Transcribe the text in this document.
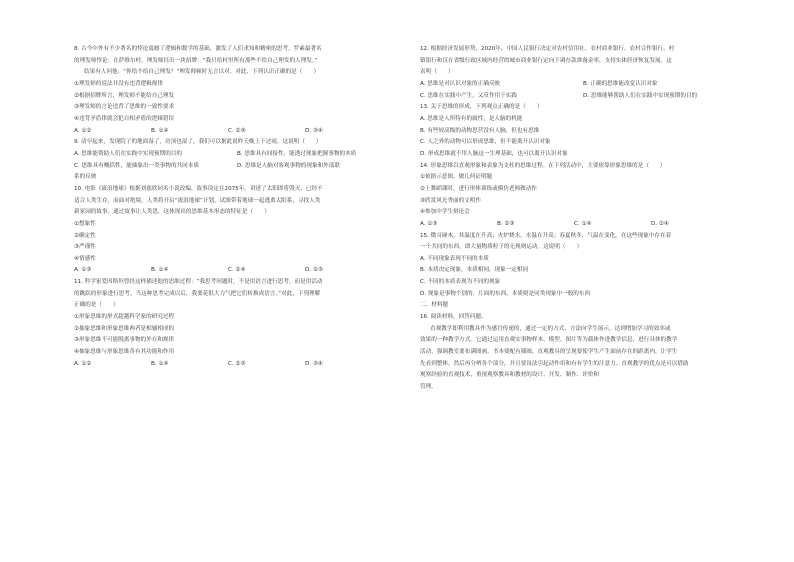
8. 古今中外有不少著名的悖论震撼了逻辑和数学的基础，激发了人们求知和精密的思考，罗素最著名
的理发师悖论：在萨维尔村，理发师挂出一块招牌：“我只给村里所有那些不给自己理发的人理发。”
结果有人问他：“你给不给自己理发？”理发师顿时无言以对。对此，下列认识正确的是（　　）
①理发师的说法并没有违背逻辑规律
②根据招牌所言，理发师不能给自己理发
③理发师的言论违背了思维的一致性要求
④违背矛盾律就会犯自相矛盾的逻辑错误
A. ①②	B. ①④	C. ②③	D. ③④
9. 清早起来，发现院子的地面湿了，房顶也湿了，我们可以据此说昨天晚上下过雨。这说明（　　）
A. 思维能帮助人们在实践中实现预期的目的	B. 思维具有间接性，能透过现象把握事物的本质
C. 思维具有概括性，能抽象出一类事物的共同本质	D. 思维是人脑对客观事物的现象和外部联
系的反映
10. 电影《流浪地球》根据刘慈欣同名小说改编，故事设定在2075年，讲述了太阳即将毁灭，已经不
适合人类生存，而面对绝境，人类将开启“流浪地球”计划，试图带着地球一起逃离太阳系，寻找人类
新家园的故事。通过故事让人类思，这体现出的思维基本形态的特征是（　　）
①想象性
②确定性
③严谨性
④情感性
A. ①③	B. ①④	C. ②④	D. ②③
11. 科学家爱因斯坦曾经这样描述他的思维过程：“我思考问题时，不是用语言进行思考，而是用活动
的跳跃的形象进行思考，当这种思考完成以后，我要花很大力气把它们转换成语言。”对此，下列理解
正确的是（　　）
①形象思维的形式超越科学家的研究过程
②抽象思维和形象思维两者是相辅相成的
③形象思维不可能脱离事物的外在和规律
④抽象思维与形象思维各有其功能和作用
A. ①②	B. ①④	C. ②③	D. ③④
12. 根据经济发展形势，2020年，中国人民银行决定对农村信用社、农村商业银行、农村合作银行、村
镇银行和仅在省级行政区域内经营的城市商业银行定向下调存款准备金率，支持实体经济恢复发展。这
表明（　　）
A. 思维是对认识对象的正确反映	B. 正确的思维能改变认识对象
C. 思维在实践中产生，又反作用于实践	D. 思维能够帮助人们在实践中实现预期的目的
13. 关于思维的形成，下列观点正确的是（　　）
A. 思维是人所特有的属性，是人脑的机能
B. 有些较高级的动物思营没有人脑，但也有思维
C. 人之外的动物可以形成思维，但不能离开认识对象
D. 形成思维就不用人脑这一生理基础，也可以离开认识对象
14. 形象思维以直观形象和表象为支柱的思维过程。在下列活动中，主要依靠形象思维的是（　　）
①依据示意图，做几何证明题
②上舞蹈课时，进行形体训练或模仿老师做动作
③欣赏风光秀丽的文明作
④参加中学生辩论会
A. ①③	B. ②③	C. ①④	D. ②④
15. 微习碰木，其温度在升高；火炉烧水，水温在升高；春夏秋冬，气温在变化。在这些现象中存在着
一个共同的东西，即大量物质粒子的无规则运动。这说明（　　）
A. 不同现象表现不同的本质
B. 本质决定现象，本质相同，现象一定相同
C. 不同的本质表现为不同的现象
D. 现象是事物个别的、片面的东西，本质则是同类现象中一般的东西
二、材料题
16. 阅读材料，回答问题。
直观教学即利用教具作为感官传递的，通过一定的方式、方法向学生展示，达到增加学习的效率或
效果的一种教学方式。它通过运用直观实事物样本、模型、图片等为载体作进教学信息，进行具体的教学
活动，强调教室要布满图画，书本要配有插图，直观教具的呈现要使学生产生面前存在的距离内，让学生
先看到整体，然后再分辨各个部分，并且要设法引起动作用和有有学生的注意力。直观教学的优点是可以借助
观察经验的直观技术，重视观察教具和教材的设计、开发、制作、评价和
管理。
